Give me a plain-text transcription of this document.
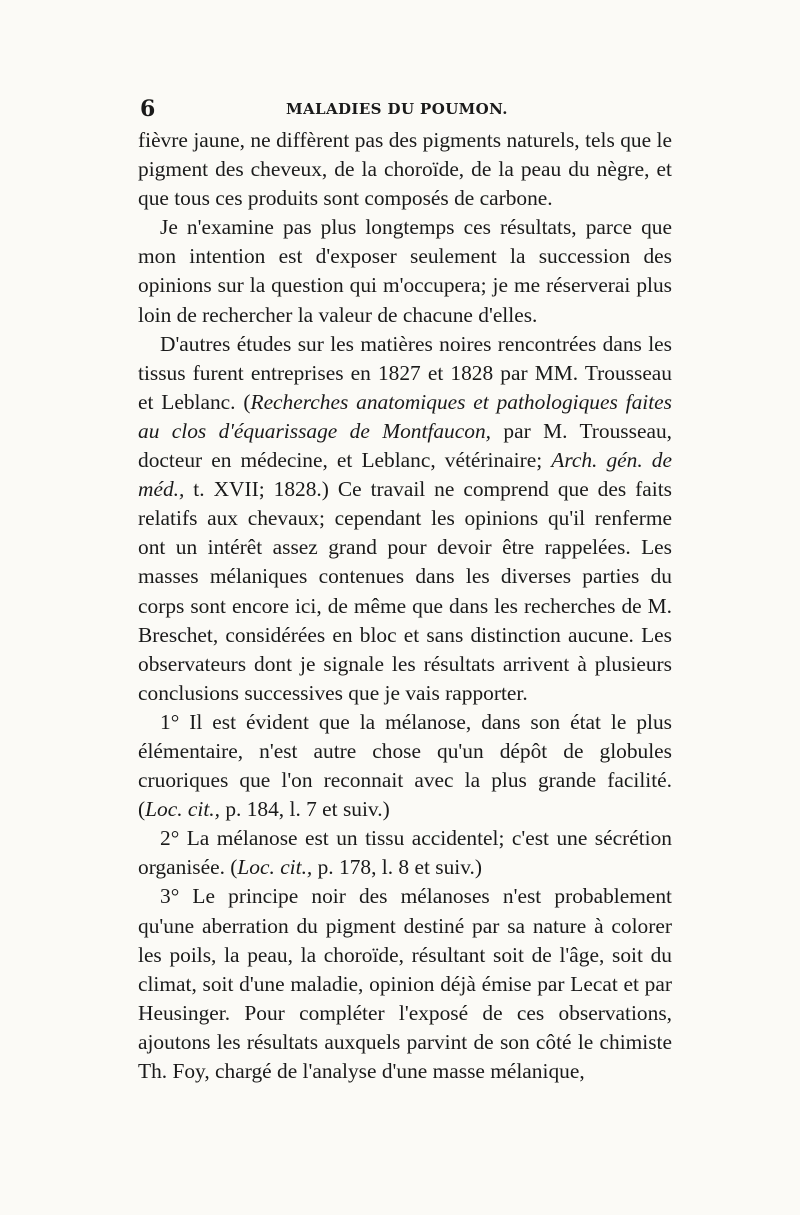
6	MALADIES DU POUMON.

fièvre jaune, ne diffèrent pas des pigments naturels, tels que le pigment des cheveux, de la choroïde, de la peau du nègre, et que tous ces produits sont composés de carbone.

Je n'examine pas plus longtemps ces résultats, parce que mon intention est d'exposer seulement la succession des opinions sur la question qui m'occupera; je me réserverai plus loin de rechercher la valeur de chacune d'elles.

D'autres études sur les matières noires rencontrées dans les tissus furent entreprises en 1827 et 1828 par MM. Trousseau et Leblanc. (Recherches anatomiques et pathologiques faites au clos d'équarissage de Montfaucon, par M. Trousseau, docteur en médecine, et Leblanc, vétérinaire; Arch. gén. de méd., t. XVII; 1828.) Ce travail ne comprend que des faits relatifs aux chevaux; cependant les opinions qu'il renferme ont un intérêt assez grand pour devoir être rappelées. Les masses mélaniques contenues dans les diverses parties du corps sont encore ici, de même que dans les recherches de M. Breschet, considérées en bloc et sans distinction aucune. Les observateurs dont je signale les résultats arrivent à plusieurs conclusions successives que je vais rapporter.

1° Il est évident que la mélanose, dans son état le plus élémentaire, n'est autre chose qu'un dépôt de globules cruoriques que l'on reconnait avec la plus grande facilité. (Loc. cit., p. 184, l. 7 et suiv.)

2° La mélanose est un tissu accidentel; c'est une sécrétion organisée. (Loc. cit., p. 178, l. 8 et suiv.)

3° Le principe noir des mélanoses n'est probablement qu'une aberration du pigment destiné par sa nature à colorer les poils, la peau, la choroïde, résultant soit de l'âge, soit du climat, soit d'une maladie, opinion déjà émise par Lecat et par Heusinger. Pour compléter l'exposé de ces observations, ajoutons les résultats auxquels parvint de son côté le chimiste Th. Foy, chargé de l'analyse d'une masse mélanique,
